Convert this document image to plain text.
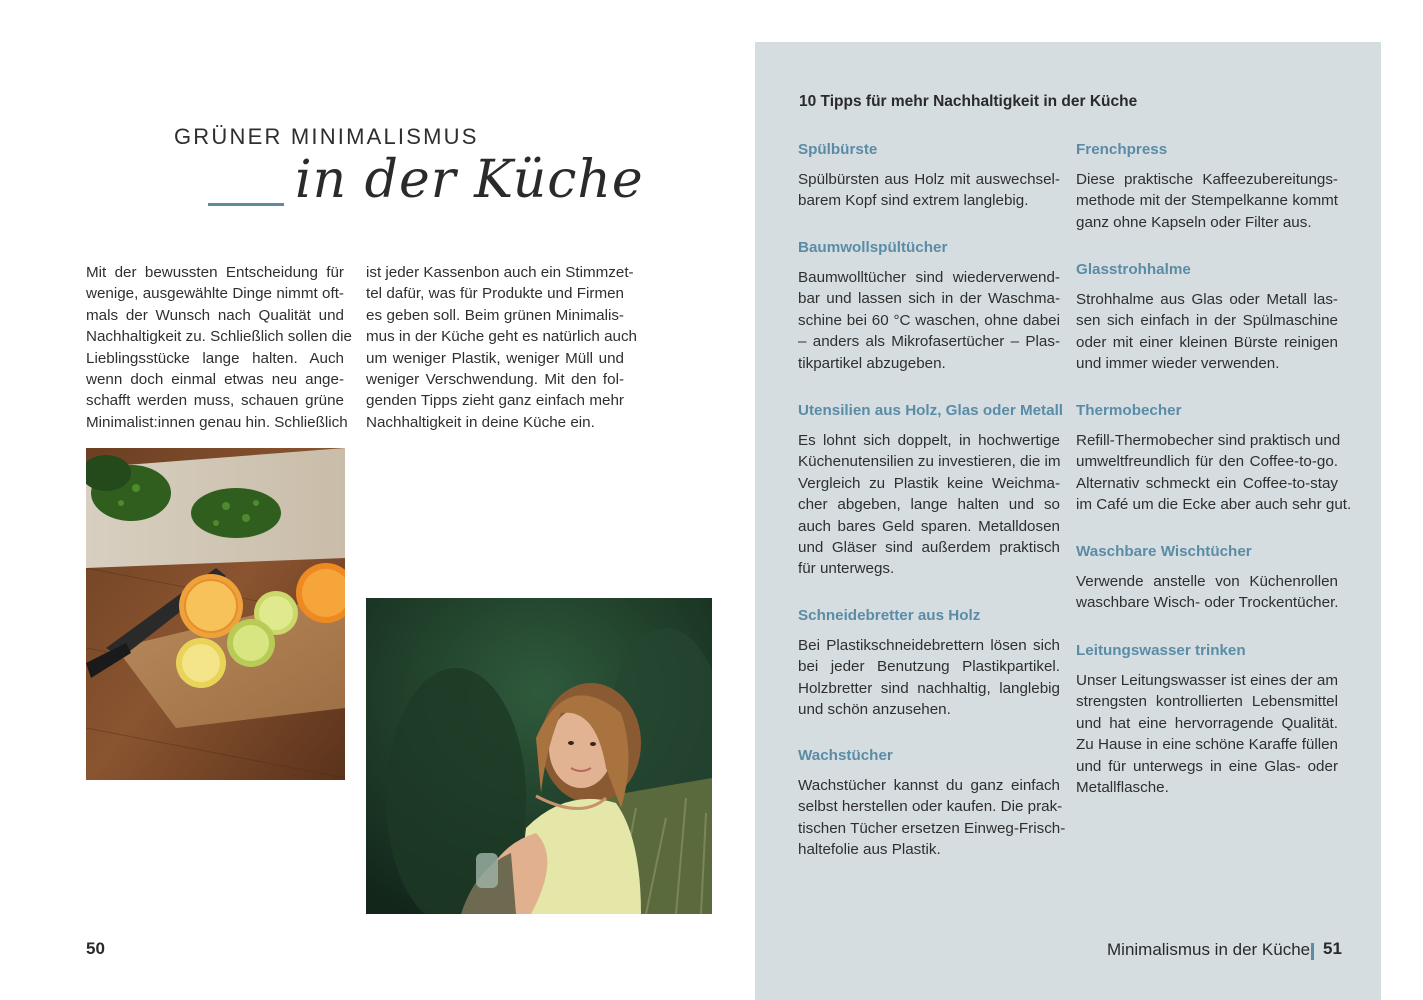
GRÜNER MINIMALISMUS
in der Küche
Mit der bewussten Entscheidung für
wenige, ausgewählte Dinge nimmt oft-
mals der Wunsch nach Qualität und
Nachhaltigkeit zu. Schließlich sollen die
Lieblingsstücke lange halten. Auch
wenn doch einmal etwas neu ange-
schafft werden muss, schauen grüne
Minimalist:innen genau hin. Schließlich
ist jeder Kassenbon auch ein Stimmzet-
tel dafür, was für Produkte und Firmen
es geben soll. Beim grünen Minimalis-
mus in der Küche geht es natürlich auch
um weniger Plastik, weniger Müll und
weniger Verschwendung. Mit den fol-
genden Tipps zieht ganz einfach mehr
Nachhaltigkeit in deine Küche ein.
50
10 Tipps für mehr Nachhaltigkeit in der Küche
Spülbürste
Spülbürsten aus Holz mit auswechsel-
barem Kopf sind extrem langlebig.
Baumwollspültücher
Baumwolltücher sind wiederverwend-
bar und lassen sich in der Waschma-
schine bei 60 °C waschen, ohne dabei
– anders als Mikrofasertücher – Plas-
tikpartikel abzugeben.
Utensilien aus Holz, Glas oder Metall
Es lohnt sich doppelt, in hochwertige
Küchenutensilien zu investieren, die im
Vergleich zu Plastik keine Weichma-
cher abgeben, lange halten und so
auch bares Geld sparen. Metalldosen
und Gläser sind außerdem praktisch
für unterwegs.
Schneidebretter aus Holz
Bei Plastikschneidebrettern lösen sich
bei jeder Benutzung Plastikpartikel.
Holzbretter sind nachhaltig, langlebig
und schön anzusehen.
Wachstücher
Wachstücher kannst du ganz einfach
selbst herstellen oder kaufen. Die prak-
tischen Tücher ersetzen Einweg-Frisch-
haltefolie aus Plastik.
Frenchpress
Diese praktische Kaffeezubereitungs-
methode mit der Stempelkanne kommt
ganz ohne Kapseln oder Filter aus.
Glasstrohhalme
Strohhalme aus Glas oder Metall las-
sen sich einfach in der Spülmaschine
oder mit einer kleinen Bürste reinigen
und immer wieder verwenden.
Thermobecher
Refill-Thermobecher sind praktisch und
umweltfreundlich für den Coffee-to-go.
Alternativ schmeckt ein Coffee-to-stay
im Café um die Ecke aber auch sehr gut.
Waschbare Wischtücher
Verwende anstelle von Küchenrollen
waschbare Wisch- oder Trockentücher.
Leitungswasser trinken
Unser Leitungswasser ist eines der am
strengsten kontrollierten Lebensmittel
und hat eine hervorragende Qualität.
Zu Hause in eine schöne Karaffe füllen
und für unterwegs in eine Glas- oder
Metallflasche.
Minimalismus in der Küche 51
